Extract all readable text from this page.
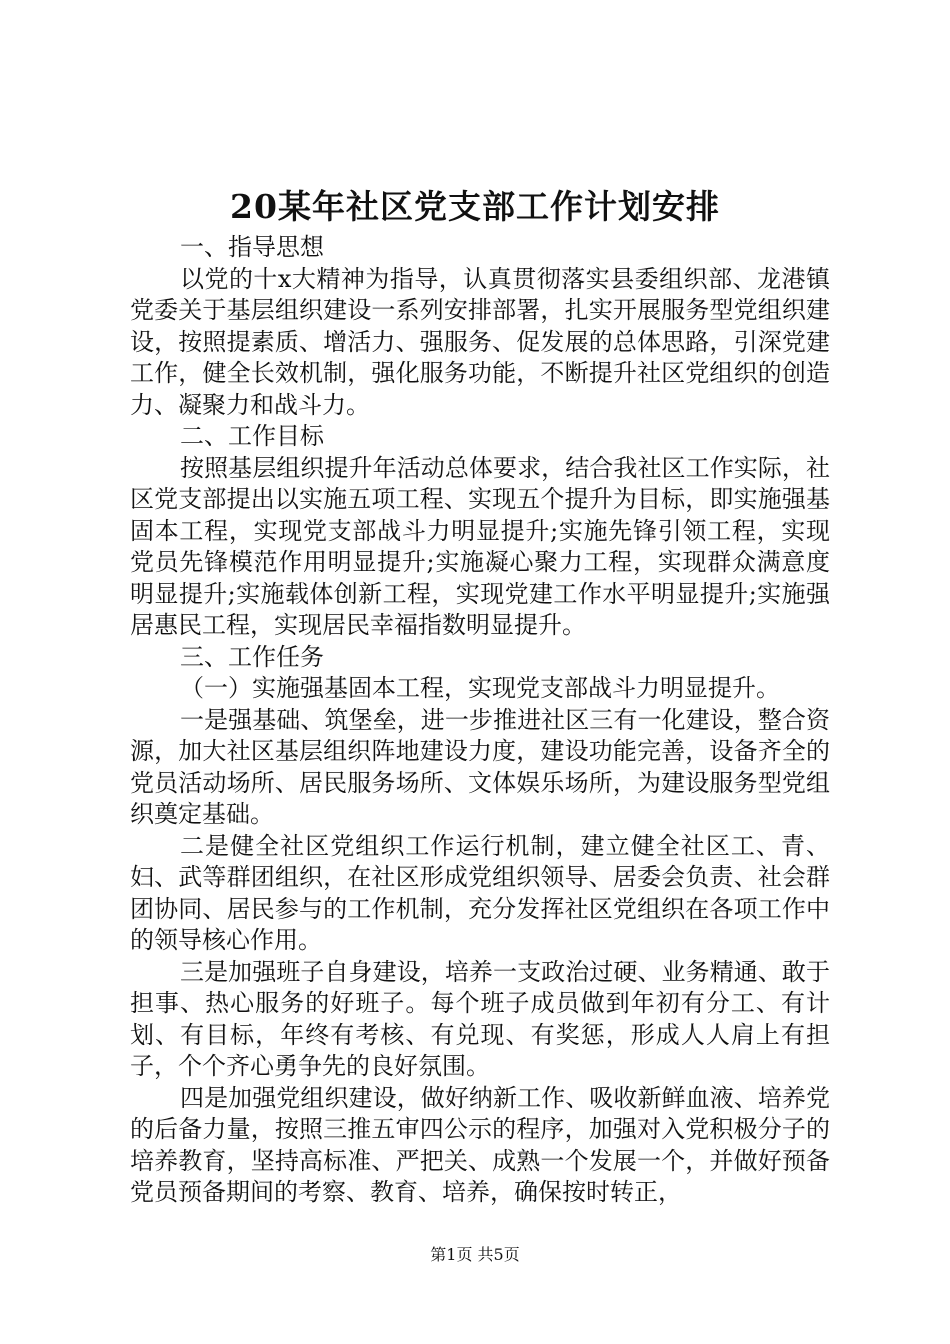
20某年社区党支部工作计划安排

一、指导思想

以党的十x大精神为指导，认真贯彻落实县委组织部、龙港镇党委关于基层组织建设一系列安排部署，扎实开展服务型党组织建设，按照提素质、增活力、强服务、促发展的总体思路，引深党建工作，健全长效机制，强化服务功能，不断提升社区党组织的创造力、凝聚力和战斗力。

二、工作目标

按照基层组织提升年活动总体要求，结合我社区工作实际，社区党支部提出以实施五项工程、实现五个提升为目标，即实施强基固本工程，实现党支部战斗力明显提升;实施先锋引领工程，实现党员先锋模范作用明显提升;实施凝心聚力工程，实现群众满意度明显提升;实施载体创新工程，实现党建工作水平明显提升;实施强居惠民工程，实现居民幸福指数明显提升。

三、工作任务

（一）实施强基固本工程，实现党支部战斗力明显提升。

一是强基础、筑堡垒，进一步推进社区三有一化建设，整合资源，加大社区基层组织阵地建设力度，建设功能完善，设备齐全的党员活动场所、居民服务场所、文体娱乐场所，为建设服务型党组织奠定基础。

二是健全社区党组织工作运行机制，建立健全社区工、青、妇、武等群团组织，在社区形成党组织领导、居委会负责、社会群团协同、居民参与的工作机制，充分发挥社区党组织在各项工作中的领导核心作用。

三是加强班子自身建设，培养一支政治过硬、业务精通、敢于担事、热心服务的好班子。每个班子成员做到年初有分工、有计划、有目标，年终有考核、有兑现、有奖惩，形成人人肩上有担子，个个齐心勇争先的良好氛围。

四是加强党组织建设，做好纳新工作、吸收新鲜血液、培养党的后备力量，按照三推五审四公示的程序，加强对入党积极分子的培养教育，坚持高标准、严把关、成熟一个发展一个，并做好预备党员预备期间的考察、教育、培养，确保按时转正，

第1页 共5页
